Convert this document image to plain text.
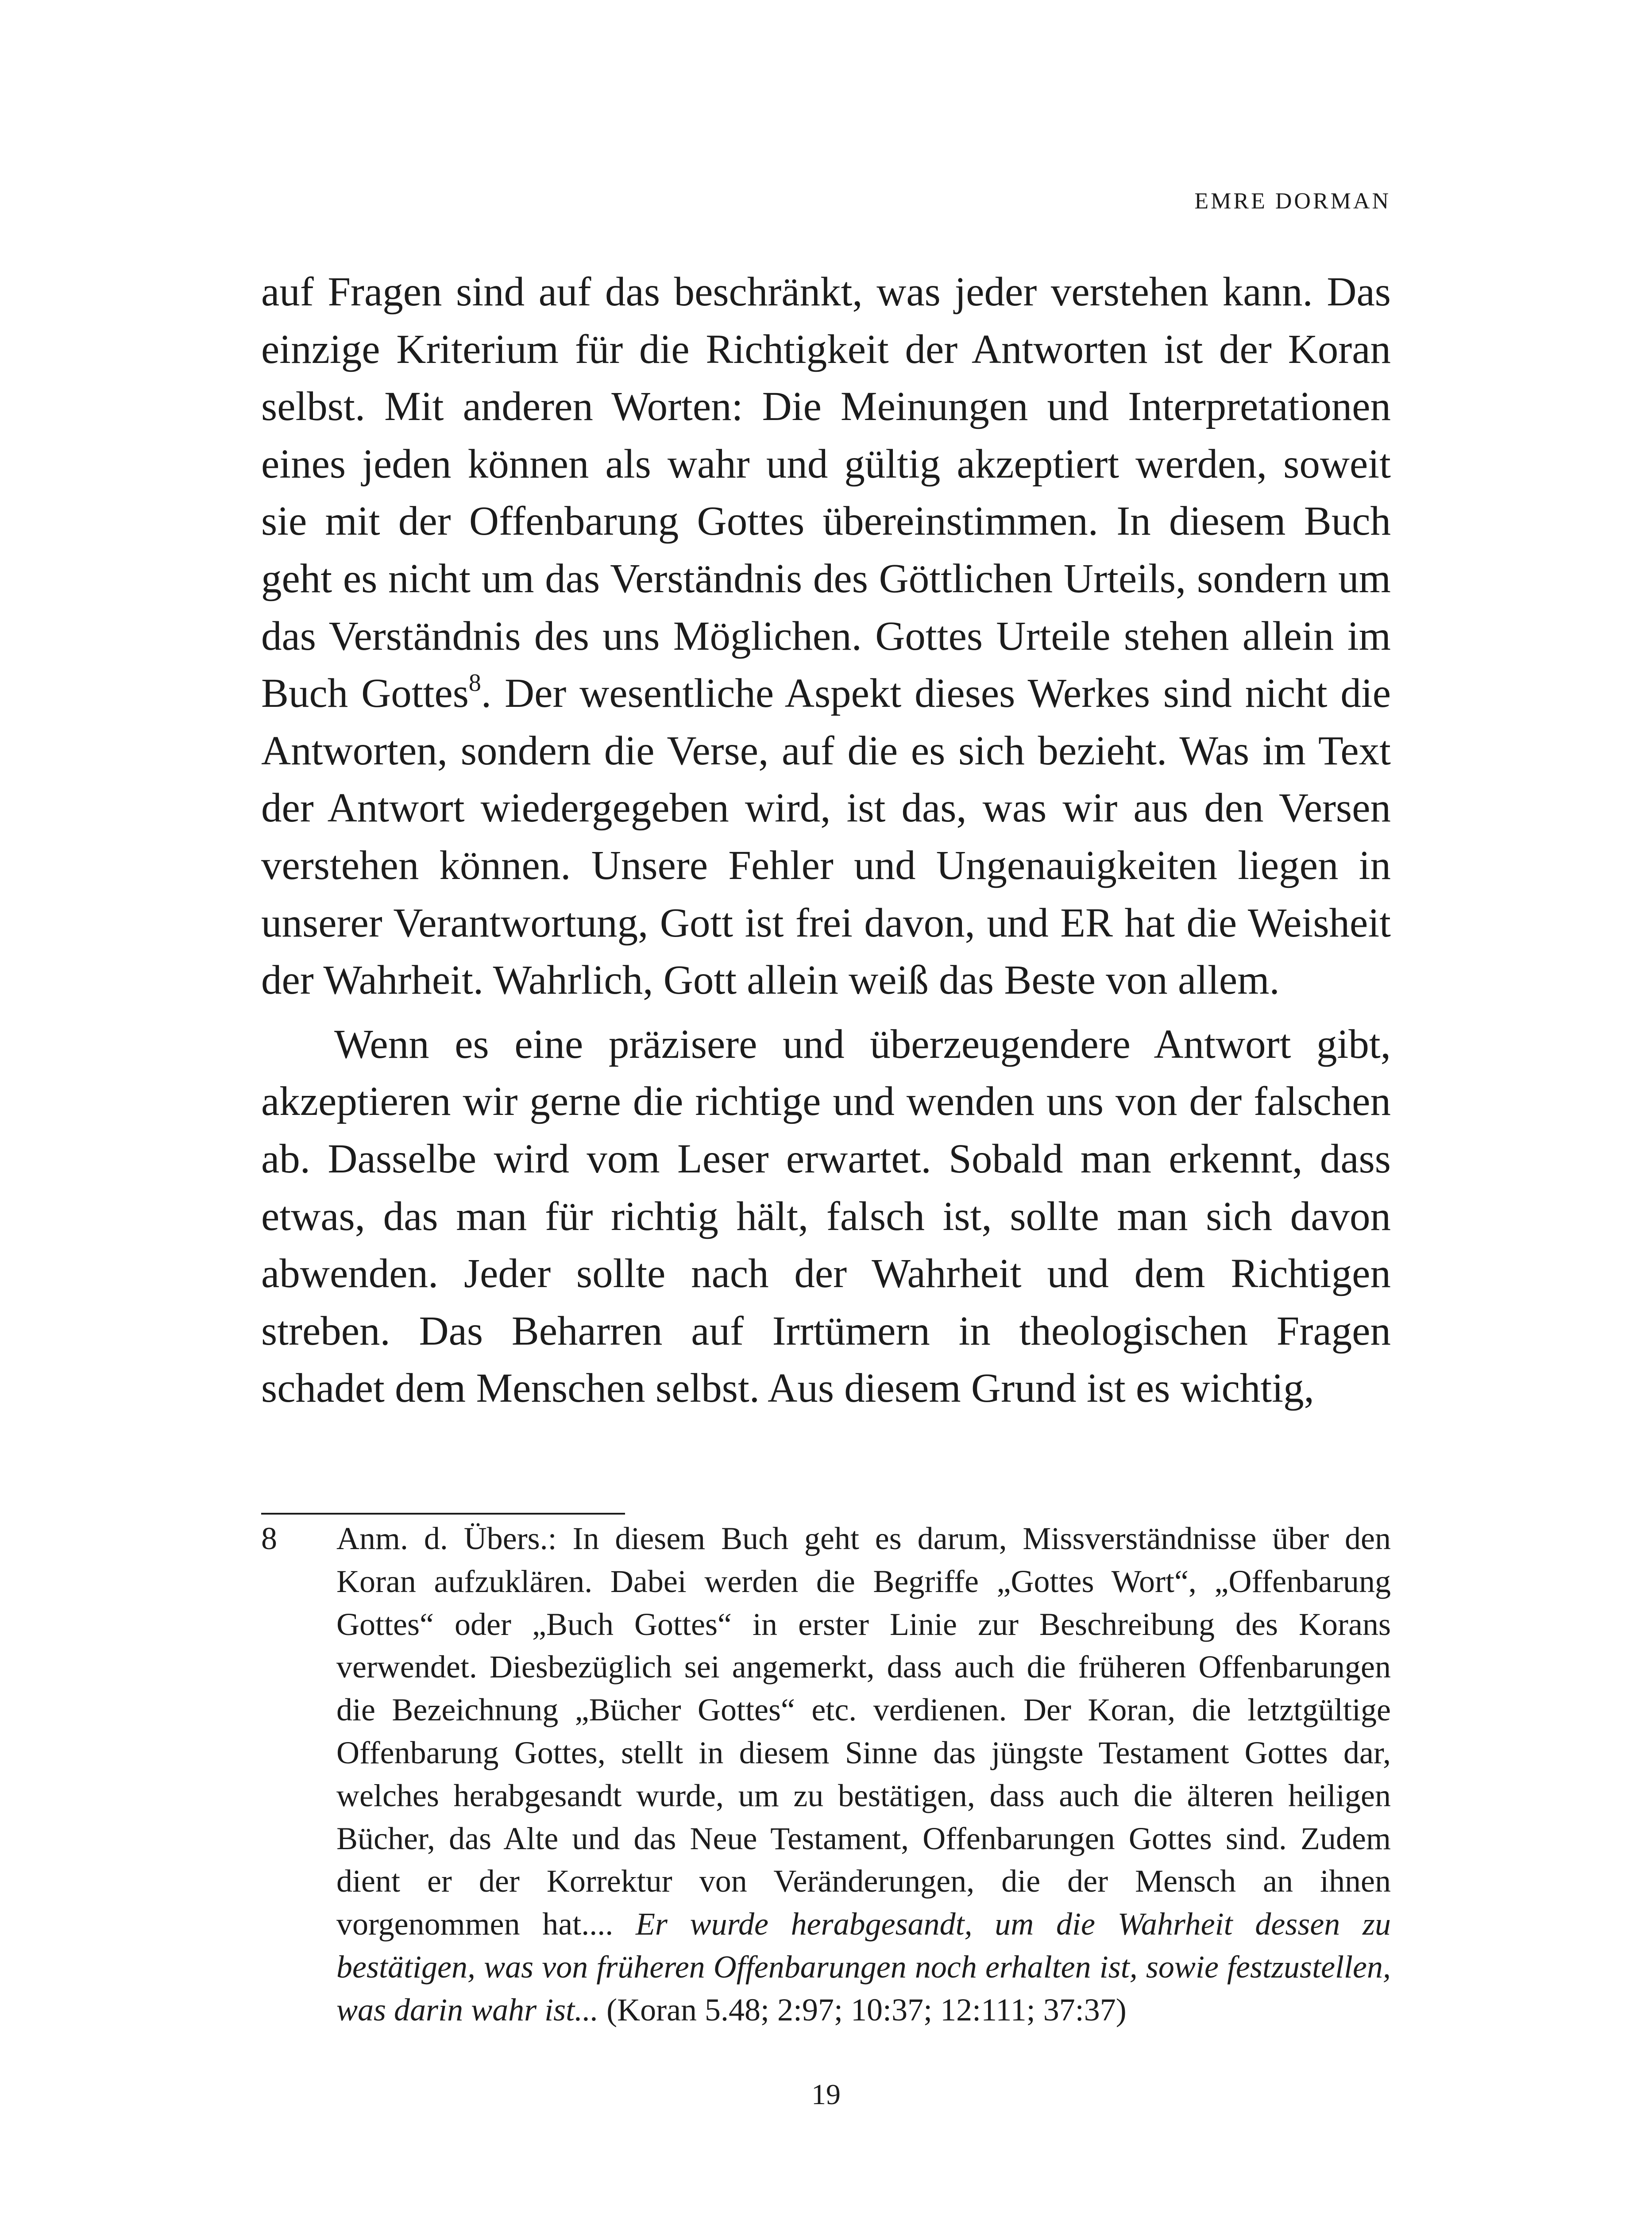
EMRE DORMAN

auf Fragen sind auf das beschränkt, was jeder verstehen kann. Das einzige Kriterium für die Richtigkeit der Antworten ist der Koran selbst. Mit anderen Worten: Die Meinungen und Interpretationen eines jeden können als wahr und gültig akzeptiert werden, soweit sie mit der Offenbarung Gottes übereinstimmen. In diesem Buch geht es nicht um das Verständnis des Göttlichen Urteils, sondern um das Verständnis des uns Möglichen. Gottes Urteile stehen allein im Buch Gottes$^8$. Der wesentliche Aspekt dieses Werkes sind nicht die Antworten, sondern die Verse, auf die es sich bezieht. Was im Text der Antwort wiedergegeben wird, ist das, was wir aus den Versen verstehen können. Unsere Fehler und Ungenauigkeiten liegen in unserer Verantwortung, Gott ist frei davon, und ER hat die Weisheit der Wahrheit. Wahrlich, Gott allein weiß das Beste von allem.

Wenn es eine präzisere und überzeugendere Antwort gibt, akzeptieren wir gerne die richtige und wenden uns von der falschen ab. Dasselbe wird vom Leser erwartet. Sobald man erkennt, dass etwas, das man für richtig hält, falsch ist, sollte man sich davon abwenden. Jeder sollte nach der Wahrheit und dem Richtigen streben. Das Beharren auf Irrtümern in theologischen Fragen schadet dem Menschen selbst. Aus diesem Grund ist es wichtig,

8 Anm. d. Übers.: In diesem Buch geht es darum, Missverständnisse über den Koran aufzuklären. Dabei werden die Begriffe „Gottes Wort“, „Offenbarung Gottes“ oder „Buch Gottes“ in erster Linie zur Beschreibung des Korans verwendet. Diesbezüglich sei angemerkt, dass auch die früheren Offenbarungen die Bezeichnung „Bücher Gottes“ etc. verdienen. Der Koran, die letztgültige Offenbarung Gottes, stellt in diesem Sinne das jüngste Testament Gottes dar, welches herabgesandt wurde, um zu bestätigen, dass auch die älteren heiligen Bücher, das Alte und das Neue Testament, Offenbarungen Gottes sind. Zudem dient er der Korrektur von Veränderungen, die der Mensch an ihnen vorgenommen hat.... Er wurde herabgesandt, um die Wahrheit dessen zu bestätigen, was von früheren Offenbarungen noch erhalten ist, sowie festzustellen, was darin wahr ist... (Koran 5.48; 2:97; 10:37; 12:111; 37:37)
19
